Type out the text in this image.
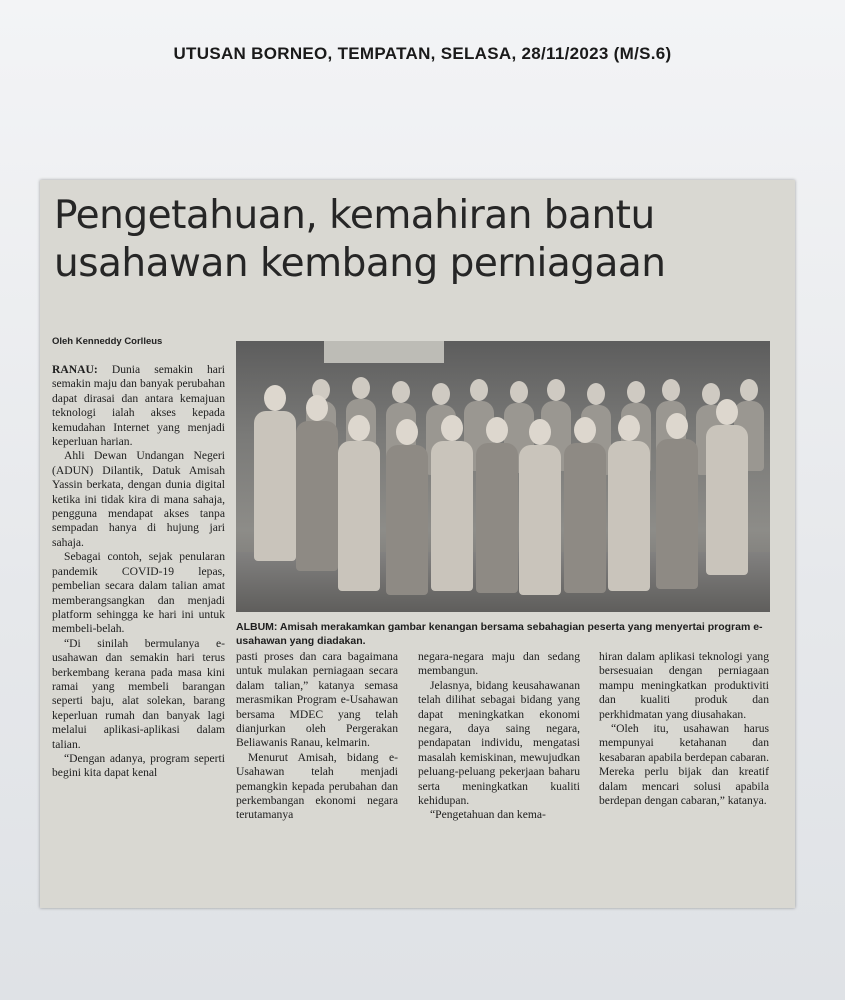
UTUSAN BORNEO, TEMPATAN, SELASA, 28/11/2023 (M/S.6)
Pengetahuan, kemahiran bantu
usahawan kembang perniagaan
Oleh Kenneddy Corlleus
ALBUM: Amisah merakamkan gambar kenangan bersama sebahagian peserta yang menyertai program e-usahawan yang diadakan.

RANAU: Dunia semakin hari semakin maju dan banyak perubahan dapat dirasai dan antara kemajuan teknologi ialah akses kepada kemudahan Internet yang menjadi keperluan harian.

Ahli Dewan Undangan Negeri (ADUN) Dilantik, Datuk Amisah Yassin berkata, dengan dunia digital ketika ini tidak kira di mana sahaja, pengguna mendapat akses tanpa sempadan hanya di hujung jari sahaja.

Sebagai contoh, sejak penularan pandemik COVID-19 lepas, pembelian secara dalam talian amat memberangsangkan dan menjadi platform sehingga ke hari ini untuk membeli-belah.

“Di sinilah bermulanya e-usahawan dan semakin hari terus berkembang kerana pada masa kini ramai yang membeli barangan seperti baju, alat solekan, barang keperluan rumah dan banyak lagi melalui aplikasi-aplikasi dalam talian.

“Dengan adanya, program seperti begini kita dapat kenal

pasti proses dan cara bagaimana untuk mulakan perniagaan secara dalam talian,” katanya semasa merasmikan Program e-Usahawan bersama MDEC yang telah dianjurkan oleh Pergerakan Beliawanis Ranau, kelmarin.

Menurut Amisah, bidang e-Usahawan telah menjadi pemangkin kepada perubahan dan perkembangan ekonomi negara terutamanya

negara-negara maju dan sedang membangun.

Jelasnya, bidang keusahawanan telah dilihat sebagai bidang yang dapat meningkatkan ekonomi negara, daya saing negara, pendapatan individu, mengatasi masalah kemiskinan, mewujudkan peluang-peluang pekerjaan baharu serta meningkatkan kualiti kehidupan.

“Pengetahuan dan kema-

hiran dalam aplikasi teknologi yang bersesuaian dengan perniagaan mampu meningkatkan produktiviti dan kualiti produk dan perkhidmatan yang diusahakan.

“Oleh itu, usahawan harus mempunyai ketahanan dan kesabaran apabila berdepan cabaran. Mereka perlu bijak dan kreatif dalam mencari solusi apabila berdepan dengan cabaran,” katanya.
